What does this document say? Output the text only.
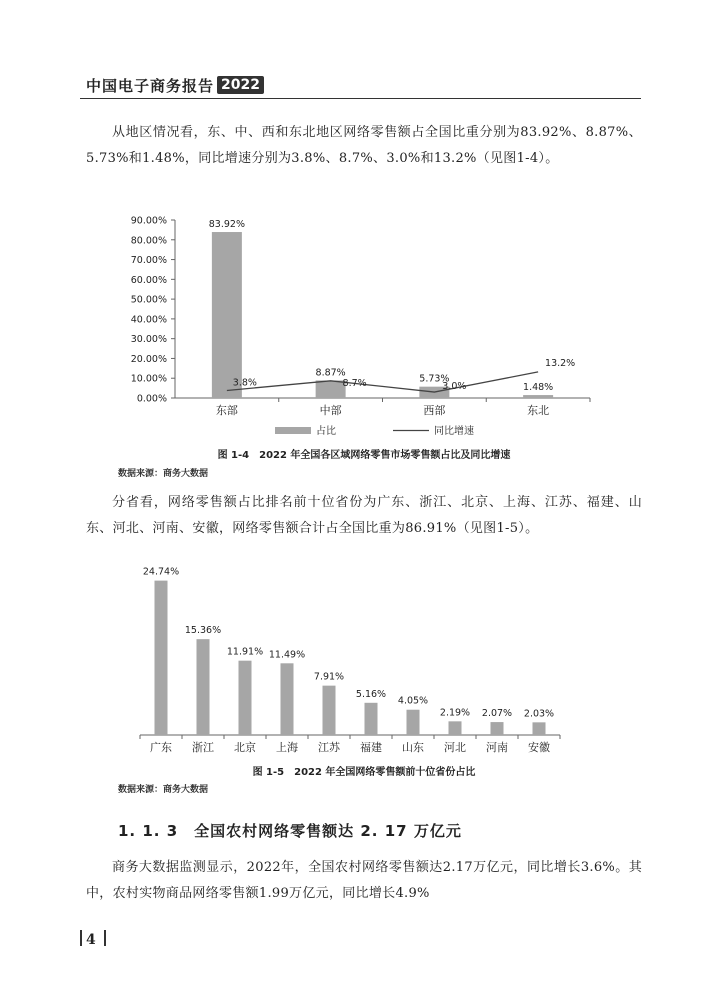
中国电子商务报告 2022
从地区情况看，东、中、西和东北地区网络零售额占全国比重分别为83.92%、8.87%、5.73%和1.48%，同比增速分别为3.8%、8.7%、3.0%和13.2%（见图1-4）。
0.00%
10.00%
20.00%
30.00%
40.00%
50.00%
60.00%
70.00%
80.00%
90.00%	83.92%
东部
8.87%
中部
5.73%
西部
1.48%
东北
3.8%	8.7%	3.0%
13.2%
占比	同比增速
图 1-4　2022 年全国各区域网络零售市场零售额占比及同比增速
数据来源：商务大数据
分省看，网络零售额占比排名前十位省份为广东、浙江、北京、上海、江苏、福建、山东、河北、河南、安徽，网络零售额合计占全国比重为86.91%（见图1-5）。
24.74%
广东
15.36%
浙江
11.91%
北京
11.49%
上海
7.91%
江苏
5.16%
福建
4.05%
山东
2.19%
河北
2.07%
河南
2.03%
安徽
图 1-5　2022 年全国网络零售额前十位省份占比
数据来源：商务大数据
1. 1. 3　全国农村网络零售额达 2. 17 万亿元
商务大数据监测显示，2022年，全国农村网络零售额达2.17万亿元，同比增长3.6%。其中，农村实物商品网络零售额1.99万亿元，同比增长4.9%
4
